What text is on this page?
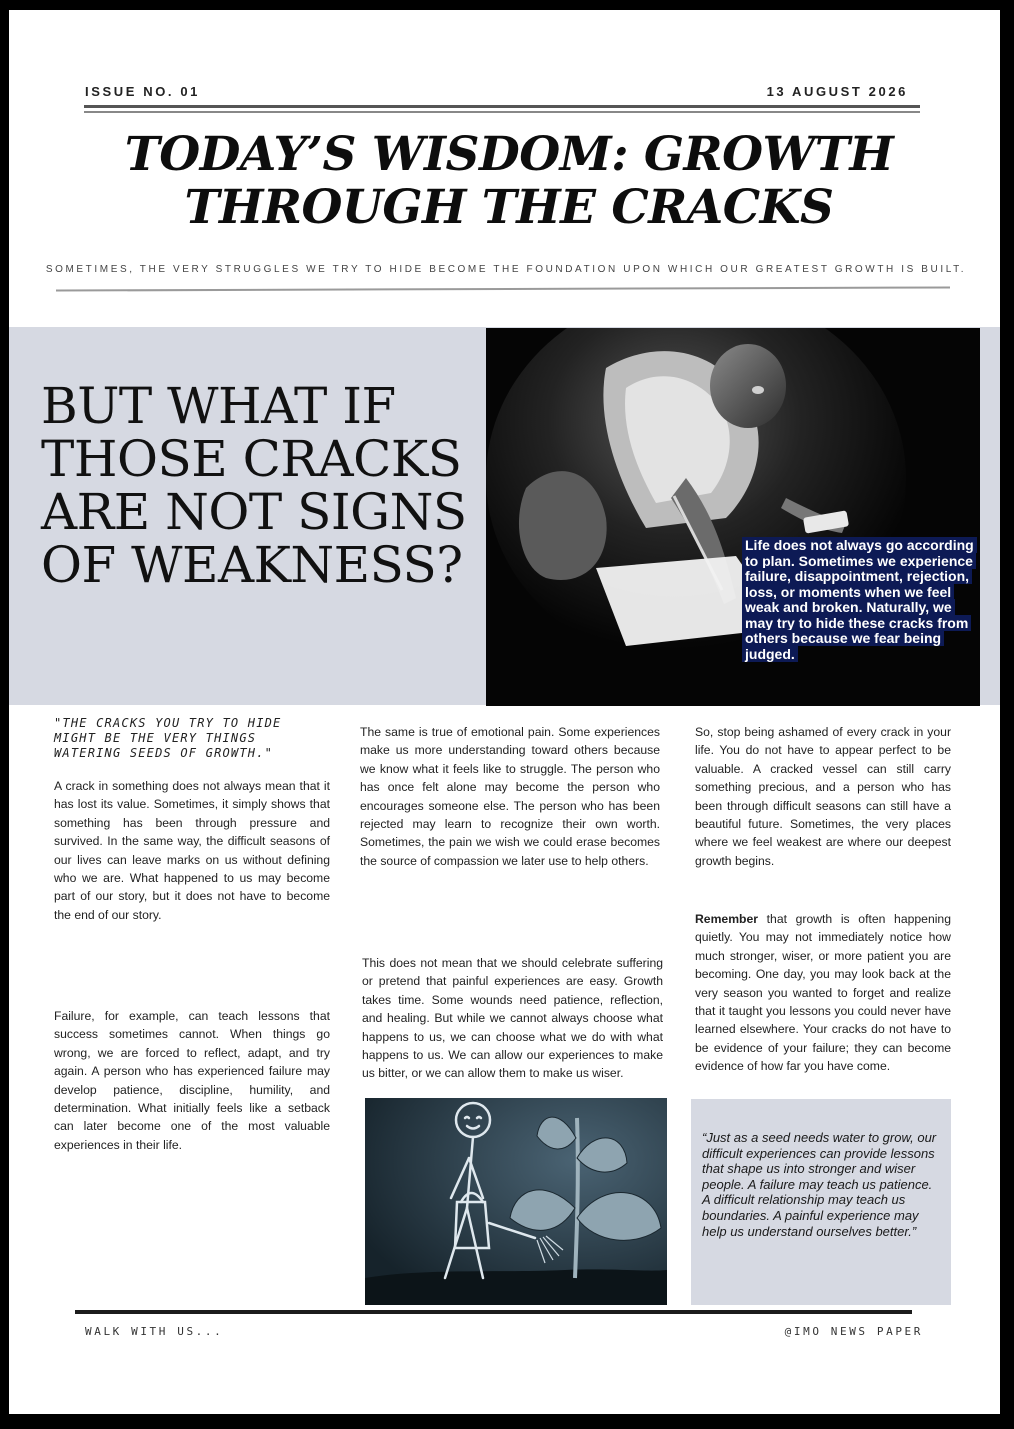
ISSUE NO. 01	13 AUGUST 2026
TODAY’S WISDOM: GROWTH THROUGH THE CRACKS
SOMETIMES, THE VERY STRUGGLES WE TRY TO HIDE BECOME THE FOUNDATION UPON WHICH OUR GREATEST GROWTH IS BUILT.
BUT WHAT IF THOSE CRACKS ARE NOT SIGNS OF WEAKNESS?	Life does not always go according to plan. Sometimes we experience failure, disappointment, rejection, loss, or moments when we feel weak and broken. Naturally, we may try to hide these cracks from others because we fear being judged.
"THE CRACKS YOU TRY TO HIDE MIGHT BE THE VERY THINGS WATERING SEEDS OF GROWTH."

A crack in something does not always mean that it has lost its value. Sometimes, it simply shows that something has been through pressure and survived. In the same way, the difficult seasons of our lives can leave marks on us without defining who we are. What happened to us may become part of our story, but it does not have to become the end of our story.

Failure, for example, can teach lessons that success sometimes cannot. When things go wrong, we are forced to reflect, adapt, and try again. A person who has experienced failure may develop patience, discipline, humility, and determination. What initially feels like a setback can later become one of the most valuable experiences in their life.

The same is true of emotional pain. Some experiences make us more understanding toward others because we know what it feels like to struggle. The person who has once felt alone may become the person who encourages someone else. The person who has been rejected may learn to recognize their own worth. Sometimes, the pain we wish we could erase becomes the source of compassion we later use to help others.

This does not mean that we should celebrate suffering or pretend that painful experiences are easy. Growth takes time. Some wounds need patience, reflection, and healing. But while we cannot always choose what happens to us, we can choose what we do with what happens to us. We can allow our experiences to make us bitter, or we can allow them to make us wiser.

So, stop being ashamed of every crack in your life. You do not have to appear perfect to be valuable. A cracked vessel can still carry something precious, and a person who has been through difficult seasons can still have a beautiful future. Sometimes, the very places where we feel weakest are where our deepest growth begins.

Remember that growth is often happening quietly. You may not immediately notice how much stronger, wiser, or more patient you are becoming. One day, you may look back at the very season you wanted to forget and realize that it taught you lessons you could never have learned elsewhere. Your cracks do not have to be evidence of your failure; they can become evidence of how far you have come.

“Just as a seed needs water to grow, our difficult experiences can provide lessons that shape us into stronger and wiser people. A failure may teach us patience. A difficult relationship may teach us boundaries. A painful experience may help us understand ourselves better.”
WALK WITH US...	@IMO NEWS PAPER
